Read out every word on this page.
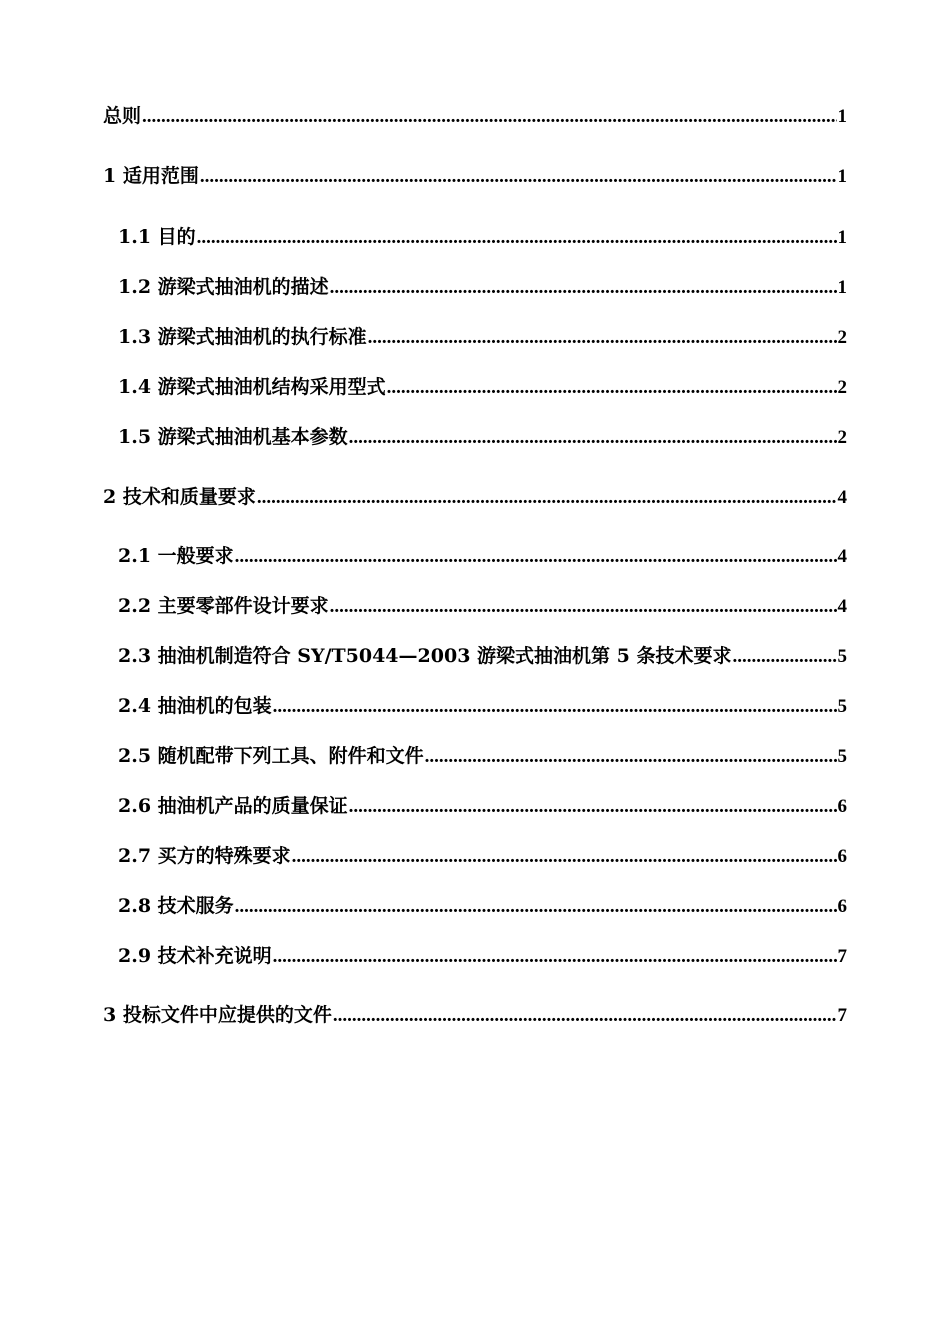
总则 .....	1
1 适用范围 .....	1
1.1 目的 .....	1
1.2 游梁式抽油机的描述 .....	1
1.3 游梁式抽油机的执行标准 .....	2
1.4 游梁式抽油机结构采用型式 .....	2
1.5 游梁式抽油机基本参数 .....	2
2 技术和质量要求 .....	4
2.1 一般要求 .....	4
2.2 主要零部件设计要求 .....	4
2.3 抽油机制造符合 SY/T5044—2003 游梁式抽油机第 5 条技术要求 .....	5
2.4 抽油机的包装 .....	5
2.5 随机配带下列工具、附件和文件 .....	5
2.6 抽油机产品的质量保证 .....	6
2.7 买方的特殊要求 .....	6
2.8 技术服务 .....	6
2.9 技术补充说明 .....	7
3 投标文件中应提供的文件 .....	7
